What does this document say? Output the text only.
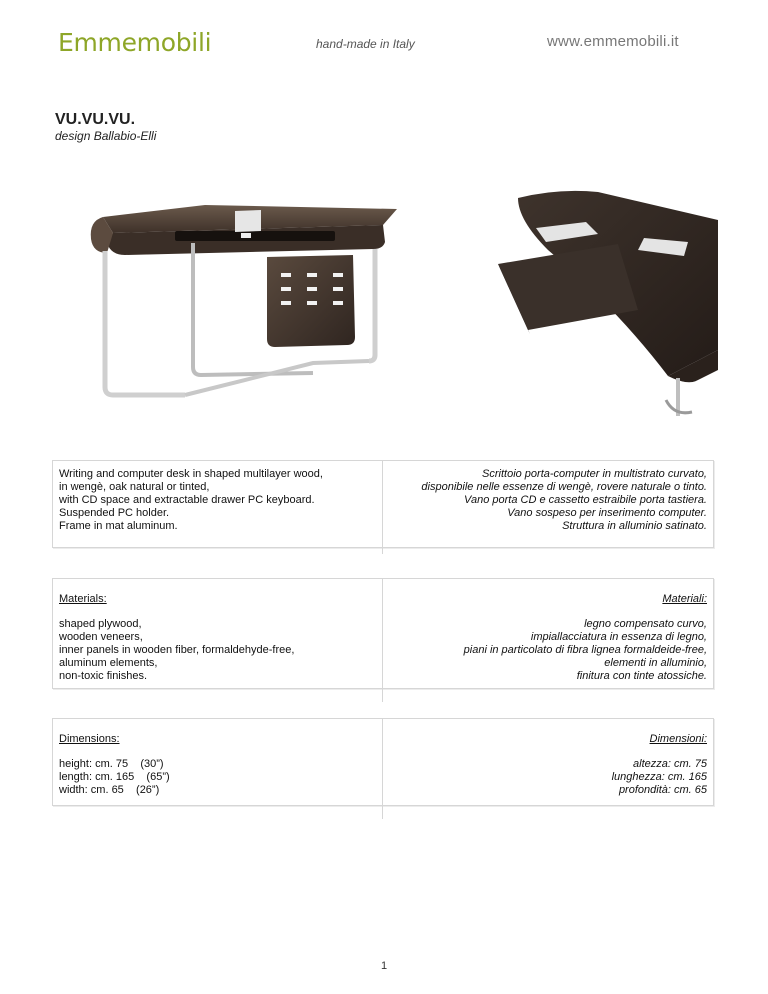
Emmemobili	hand-made in Italy	www.emmemobili.it
VU.VU.VU.
design Ballabio-Elli
Writing and computer desk in shaped multilayer wood,
in wengè, oak natural or tinted,
with CD space and extractable drawer PC keyboard.
Suspended PC holder.
Frame in mat aluminum.
Scrittoio porta-computer in multistrato curvato,
disponibile nelle essenze di wengè, rovere naturale o tinto.
Vano porta CD e cassetto estraibile porta tastiera.
Vano sospeso per inserimento computer.
Struttura in alluminio satinato.
Materials:
shaped plywood,
wooden veneers,
inner panels in wooden fiber, formaldehyde-free,
aluminum elements,
non-toxic finishes.
Materiali:
legno compensato curvo,
impiallacciatura in essenza di legno,
piani in particolato di fibra lignea formaldeide-free,
elementi in alluminio,
finitura con tinte atossiche.
Dimensions:
height: cm. 75    (30”)
length: cm. 165    (65”)
width: cm. 65    (26”)
Dimensioni:
altezza: cm. 75
lunghezza: cm. 165
profondità: cm. 65
1
